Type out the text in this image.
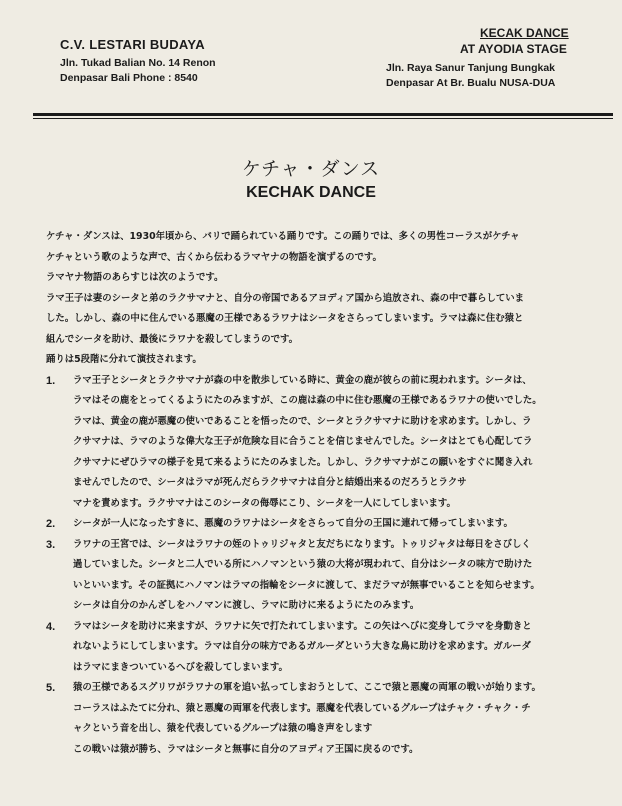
C.V. LESTARI BUDAYA
Jln. Tukad Balian No. 14 Renon
Denpasar Bali Phone : 8540
KECAK DANCE
AT AYODIA STAGE
Jln. Raya Sanur Tanjung Bungkak
Denpasar At Br. Bualu NUSA-DUA
ケチャ・ダンス
KECHAK DANCE

ケチャ・ダンスは、1930年頃から、バリで踊られている踊りです。この踊りでは、多くの男性コーラスがケチャ

ケチャという歌のような声で、古くから伝わるラマヤナの物語を演ずるのです。

ラマヤナ物語のあらすじは次のようです。

ラマ王子は妻のシータと弟のラクサマナと、自分の帝国であるアヨディア国から追放され、森の中で暮らしていま

した。しかし、森の中に住んでいる悪魔の王様であるラワナはシータをさらってしまいます。ラマは森に住む猿と

組んでシータを助け、最後にラワナを殺してしまうのです。

踊りは5段階に分れて演技されます。

1. ラマ王子とシータとラクサマナが森の中を散歩している時に、黄金の鹿が彼らの前に現われます。シータは、
ラマはその鹿をとってくるようにたのみますが、この鹿は森の中に住む悪魔の王様であるラワナの使いでした。
ラマは、黄金の鹿が悪魔の使いであることを悟ったので、シータとラクサマナに助けを求めます。しかし、ラ
クサマナは、ラマのような偉大な王子が危険な目に合うことを信じませんでした。シータはとても心配してラ
クサマナにぜひラマの様子を見て来るようにたのみました。しかし、ラクサマナがこの願いをすぐに聞き入れ
ませんでしたので、シータはラマが死んだらラクサマナは自分と結婚出来るのだろうとラクサ
マナを責めます。ラクサマナはこのシータの侮辱にこり、シータを一人にしてしまいます。
2. シータが一人になったすきに、悪魔のラワナはシータをさらって自分の王国に連れて帰ってしまいます。
3. ラワナの王宮では、シータはラワナの姪のトゥリジャタと友だちになります。トゥリジャタは毎日をさびしく
過していました。シータと二人でいる所にハノマンという猿の大将が現われて、自分はシータの味方で助けた
いといいます。その証拠にハノマンはラマの指輪をシータに渡して、まだラマが無事でいることを知らせます。
シータは自分のかんざしをハノマンに渡し、ラマに助けに来るようにたのみます。
4. ラマはシータを助けに来ますが、ラワナに矢で打たれてしまいます。この矢はへびに変身してラマを身動きと
れないようにしてしまいます。ラマは自分の味方であるガルーダという大きな鳥に助けを求めます。ガルーダ
はラマにまきついているへびを殺してしまいます。
5. 猿の王様であるスグリワがラワナの軍を追い払ってしまおうとして、ここで猿と悪魔の両軍の戦いが始ります。
コーラスはふたてに分れ、猿と悪魔の両軍を代表します。悪魔を代表しているグループはチャク・チャク・チ
ャクという音を出し、猿を代表しているグループは猿の鳴き声をします
この戦いは猿が勝ち、ラマはシータと無事に自分のアヨディア王国に戻るのです。
